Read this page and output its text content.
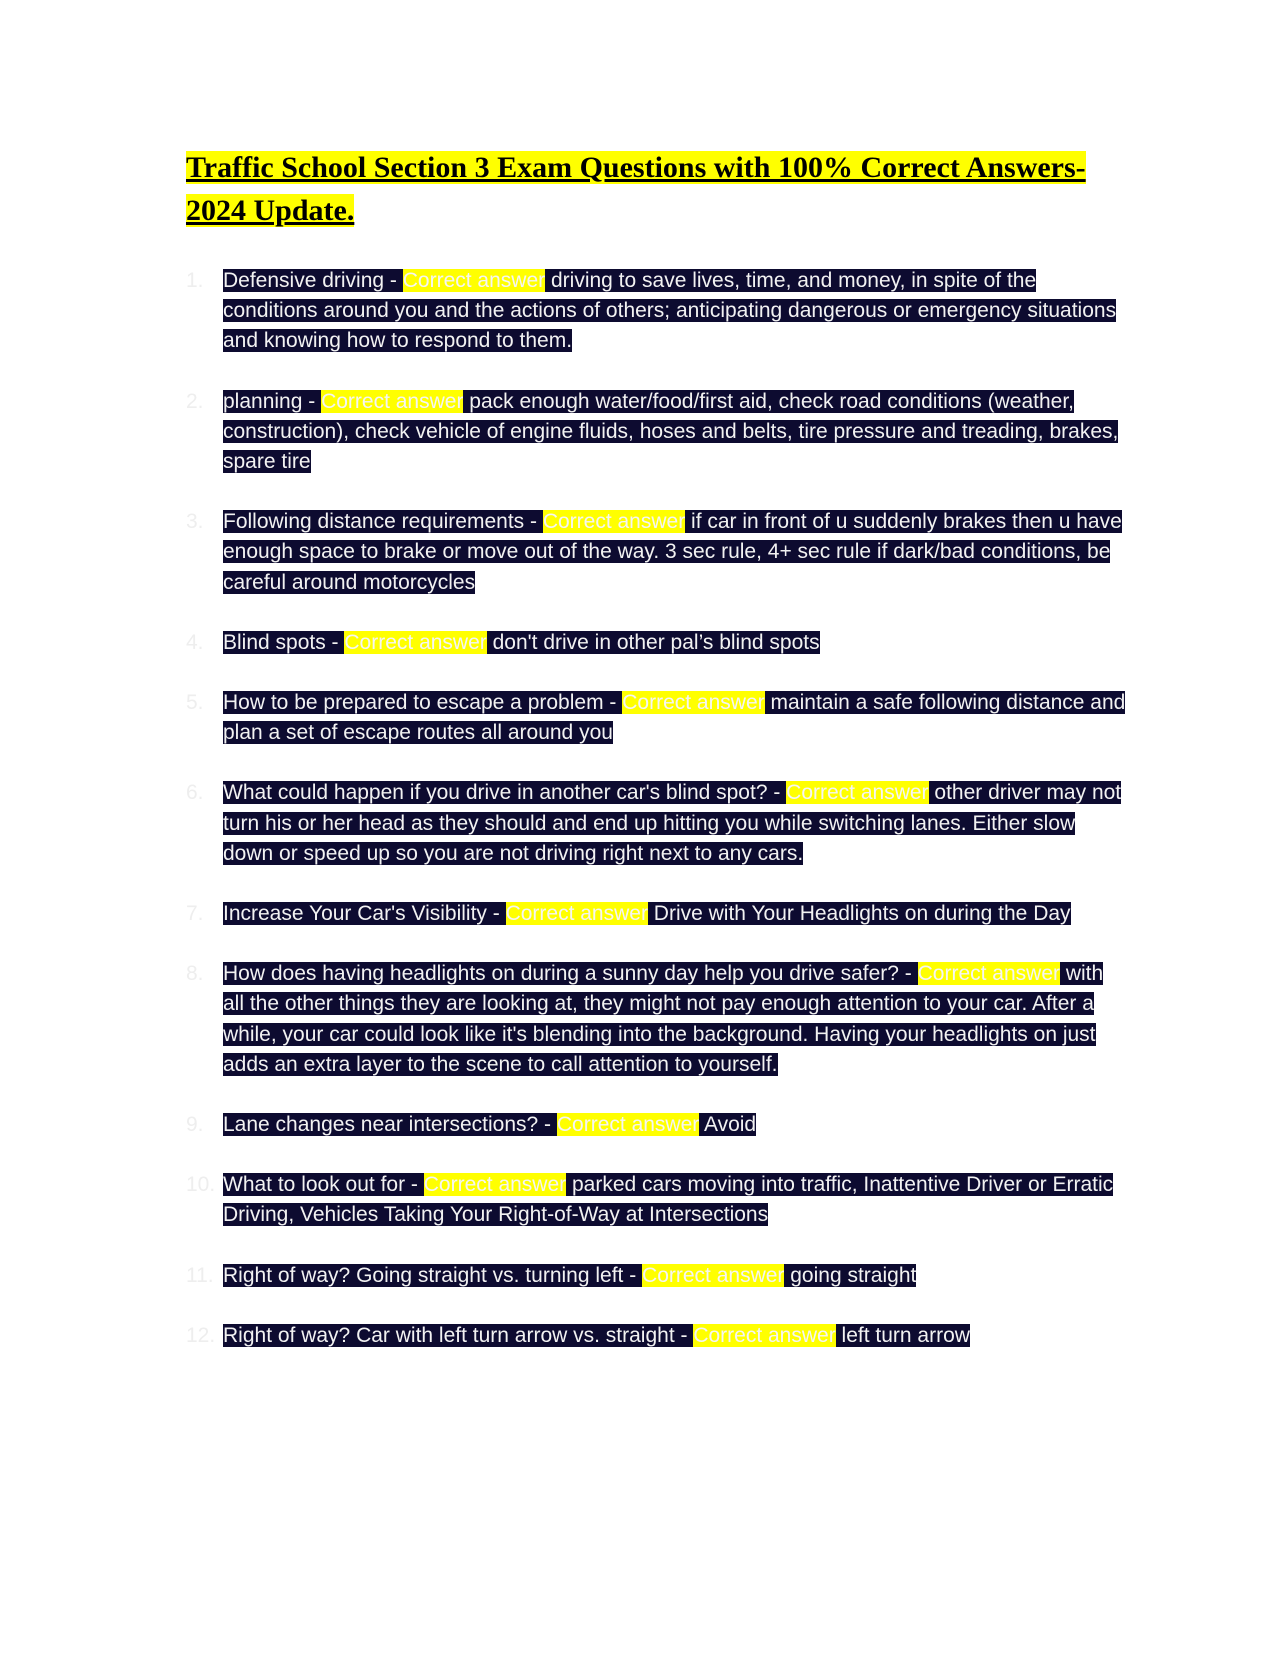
Traffic School Section 3 Exam Questions with 100% Correct Answers-2024 Update.
1. Defensive driving - Correct answer driving to save lives, time, and money, in spite of the conditions around you and the actions of others; anticipating dangerous or emergency situations and knowing how to respond to them.
2. planning - Correct answer pack enough water/food/first aid, check road conditions (weather, construction), check vehicle of engine fluids, hoses and belts, tire pressure and treading, brakes, spare tire
3. Following distance requirements - Correct answer if car in front of u suddenly brakes then u have enough space to brake or move out of the way. 3 sec rule, 4+ sec rule if dark/bad conditions, be careful around motorcycles
4. Blind spots - Correct answer don't drive in other pal’s blind spots
5. How to be prepared to escape a problem - Correct answer maintain a safe following distance and plan a set of escape routes all around you
6. What could happen if you drive in another car's blind spot? - Correct answer other driver may not turn his or her head as they should and end up hitting you while switching lanes. Either slow down or speed up so you are not driving right next to any cars.
7. Increase Your Car's Visibility - Correct answer Drive with Your Headlights on during the Day
8. How does having headlights on during a sunny day help you drive safer? - Correct answer with all the other things they are looking at, they might not pay enough attention to your car. After a while, your car could look like it's blending into the background. Having your headlights on just adds an extra layer to the scene to call attention to yourself.
9. Lane changes near intersections? - Correct answer Avoid
10. What to look out for - Correct answer parked cars moving into traffic, Inattentive Driver or Erratic Driving, Vehicles Taking Your Right-of-Way at Intersections
11. Right of way? Going straight vs. turning left - Correct answer going straight
12. Right of way? Car with left turn arrow vs. straight - Correct answer left turn arrow
